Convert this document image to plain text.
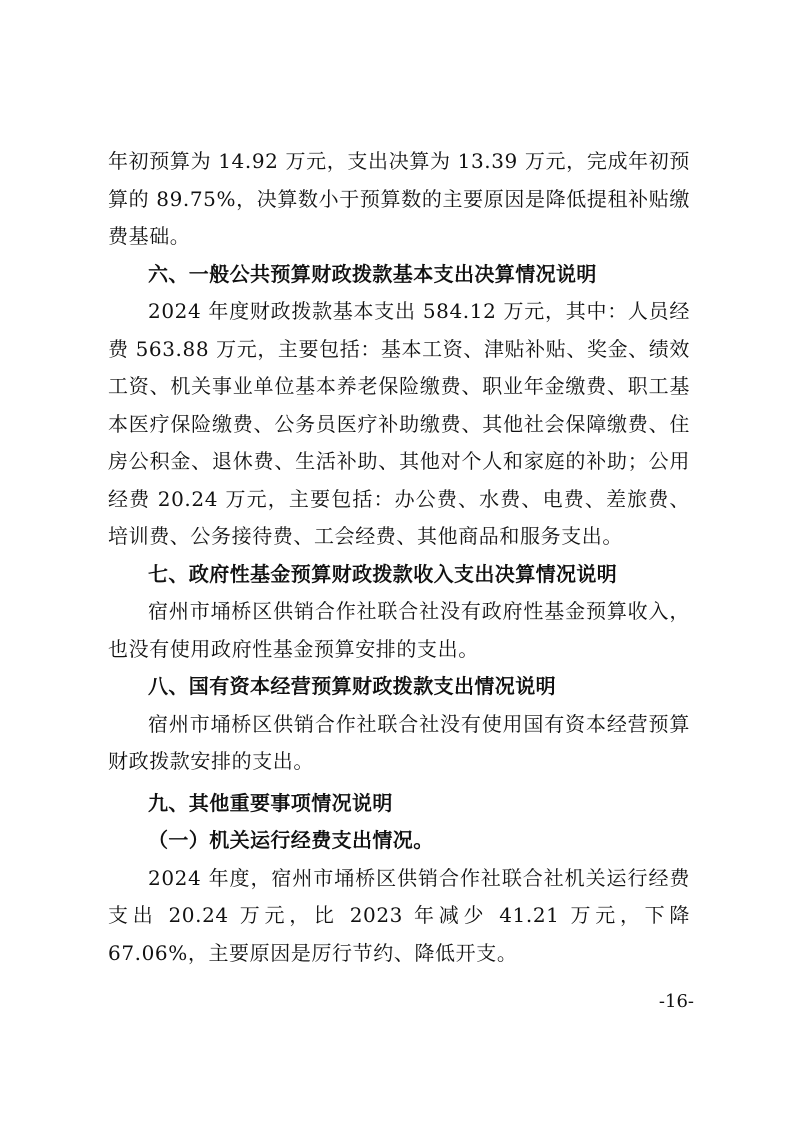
年初预算为 14.92 万元，支出决算为 13.39 万元，完成年初预算的 89.75%，决算数小于预算数的主要原因是降低提租补贴缴费基础。

六、一般公共预算财政拨款基本支出决算情况说明

2024 年度财政拨款基本支出 584.12 万元，其中：人员经费 563.88 万元，主要包括：基本工资、津贴补贴、奖金、绩效工资、机关事业单位基本养老保险缴费、职业年金缴费、职工基本医疗保险缴费、公务员医疗补助缴费、其他社会保障缴费、住房公积金、退休费、生活补助、其他对个人和家庭的补助；公用经费 20.24 万元，主要包括：办公费、水费、电费、差旅费、培训费、公务接待费、工会经费、其他商品和服务支出。

七、政府性基金预算财政拨款收入支出决算情况说明

宿州市埇桥区供销合作社联合社没有政府性基金预算收入，也没有使用政府性基金预算安排的支出。

八、国有资本经营预算财政拨款支出情况说明

宿州市埇桥区供销合作社联合社没有使用国有资本经营预算财政拨款安排的支出。

九、其他重要事项情况说明

（一）机关运行经费支出情况。

2024 年度，宿州市埇桥区供销合作社联合社机关运行经费支出 20.24 万元，比 2023 年减少 41.21 万元，下降 67.06%，主要原因是厉行节约、降低开支。

-16-
